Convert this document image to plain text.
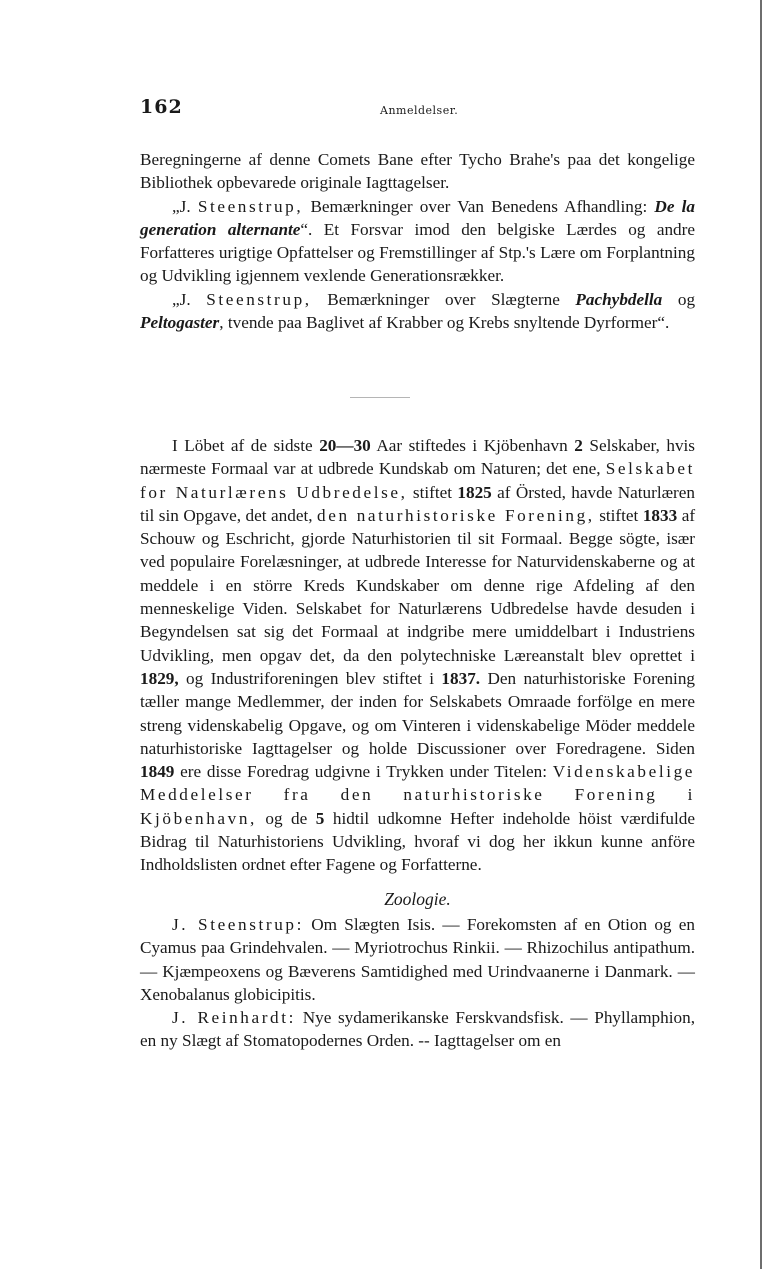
162	Anmeldelser.

Beregningerne af denne Comets Bane efter Tycho Brahe's paa det kongelige Bibliothek opbevarede originale Iagttagelser.

„J. Steenstrup, Bemærkninger over Van Benedens Afhandling: De la generation alternante“. Et Forsvar imod den belgiske Lærdes og andre Forfatteres urigtige Opfattelser og Fremstillinger af Stp.'s Lære om Forplantning og Udvikling igjennem vexlende Generationsrækker.

„J. Steenstrup, Bemærkninger over Slægterne Pachybdella og Peltogaster, tvende paa Baglivet af Krabber og Krebs snyltende Dyrformer“.

I Löbet af de sidste 20—30 Aar stiftedes i Kjöbenhavn 2 Selskaber, hvis nærmeste Formaal var at udbrede Kundskab om Naturen; det ene, Selskabet for Naturlærens Udbredelse, stiftet 1825 af Örsted, havde Naturlæren til sin Opgave, det andet, den naturhistoriske Forening, stiftet 1833 af Schouw og Eschricht, gjorde Naturhistorien til sit Formaal. Begge sögte, især ved populaire Forelæsninger, at udbrede Interesse for Naturvidenskaberne og at meddele i en större Kreds Kundskaber om denne rige Afdeling af den menneskelige Viden. Selskabet for Naturlærens Udbredelse havde desuden i Begyndelsen sat sig det Formaal at indgribe mere umiddelbart i Industriens Udvikling, men opgav det, da den polytechniske Læreanstalt blev oprettet i 1829, og Industriforeningen blev stiftet i 1837. Den naturhistoriske Forening tæller mange Medlemmer, der inden for Selskabets Omraade forfölge en mere streng videnskabelig Opgave, og om Vinteren i videnskabelige Möder meddele naturhistoriske Iagttagelser og holde Discussioner over Foredragene. Siden 1849 ere disse Foredrag udgivne i Trykken under Titelen: Videnskabelige Meddelelser fra den naturhistoriske Forening i Kjöbenhavn, og de 5 hidtil udkomne Hefter indeholde höist værdifulde Bidrag til Naturhistoriens Udvikling, hvoraf vi dog her ikkun kunne anföre Indholdslisten ordnet efter Fagene og Forfatterne.

Zoologie.

J. Steenstrup: Om Slægten Isis. — Forekomsten af en Otion og en Cyamus paa Grindehvalen. — Myriotrochus Rinkii. — Rhizochilus antipathum. — Kjæmpeoxens og Bæverens Samtidighed med Urindvaanerne i Danmark. — Xenobalanus globicipitis.

J. Reinhardt: Nye sydamerikanske Ferskvandsfisk. — Phyllamphion, en ny Slægt af Stomatopodernes Orden. -- Iagttagelser om en
